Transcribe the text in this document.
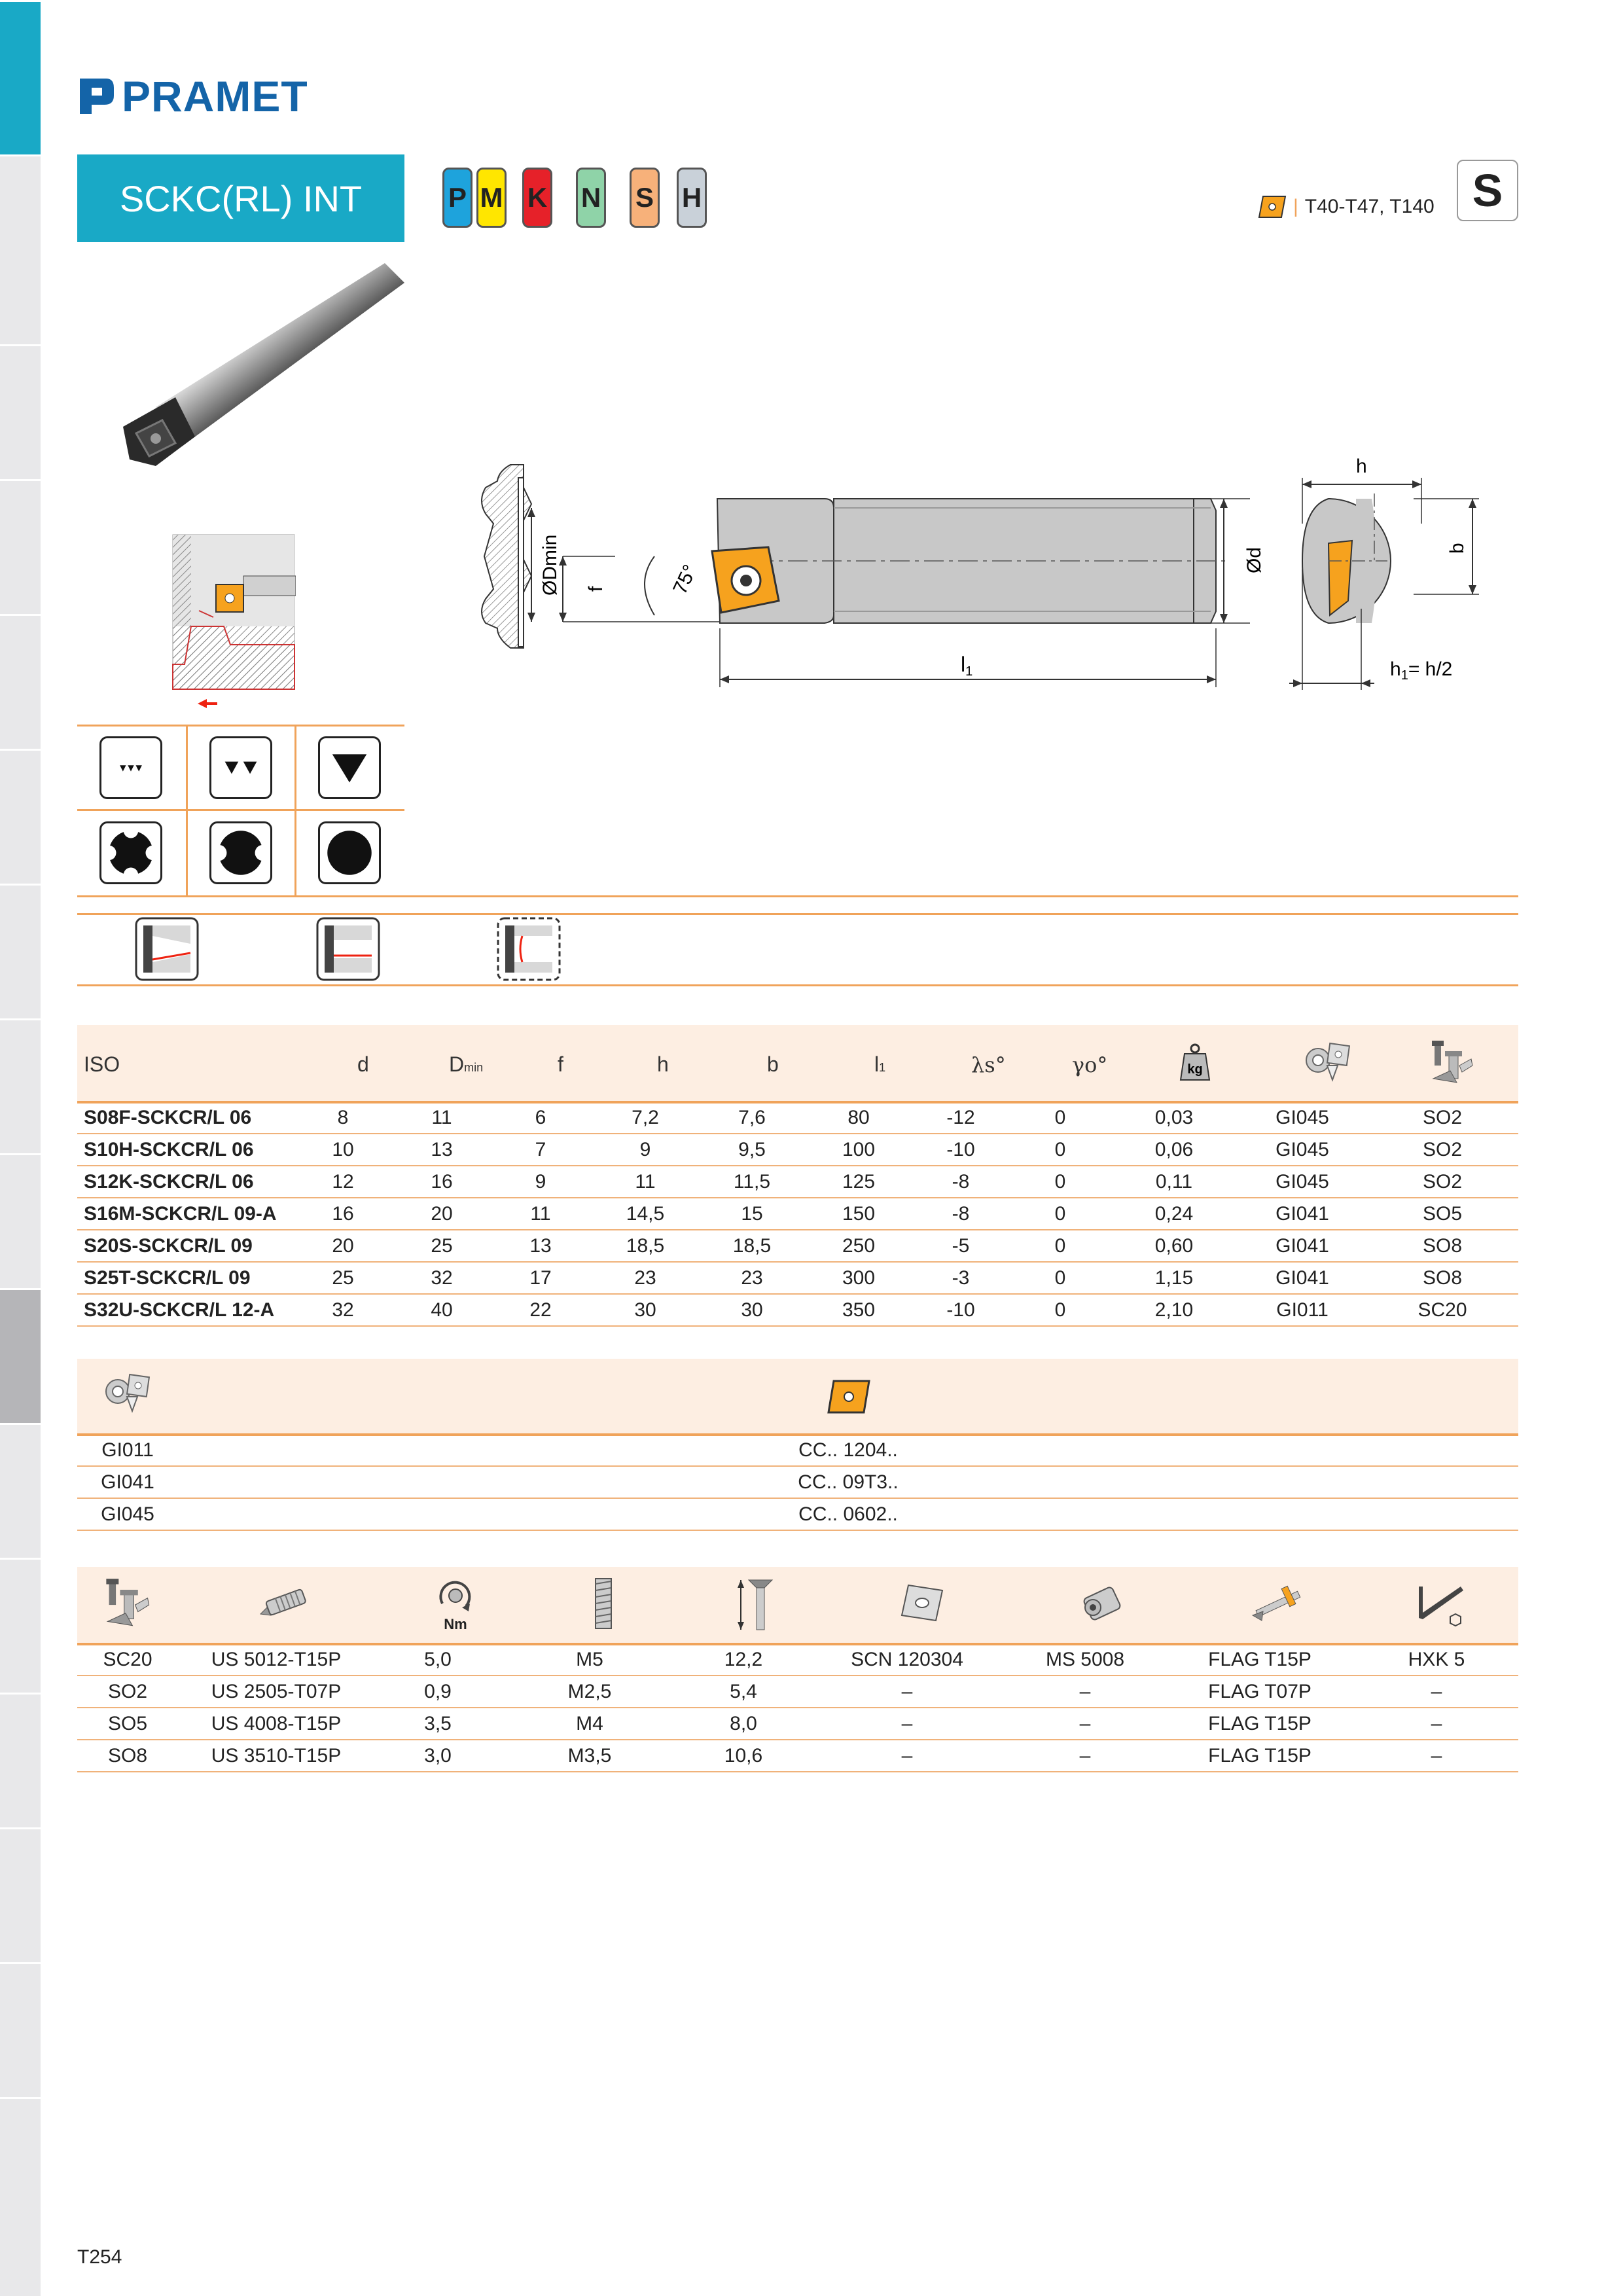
PRAMET
SCKC(RL) INT	P M K N S H	| T40-T47, T140 S
ØDmin f	75°
Ød
l1
h
b
$h_1= h/2$
ISO	d	Dmin	f	h	b	l1	λs°	γo°	kg
S08F-SCKCR/L 06	8	11	6	7,2	7,6	80	-12	0	0,03	GI045	SO2
S10H-SCKCR/L 06	10	13	7	9	9,5	100	-10	0	0,06	GI045	SO2
S12K-SCKCR/L 06	12	16	9	11	11,5	125	-8	0	0,11	GI045	SO2
S16M-SCKCR/L 09-A	16	20	11	14,5	15	150	-8	0	0,24	GI041	SO5
S20S-SCKCR/L 09	20	25	13	18,5	18,5	250	-5	0	0,60	GI041	SO8
S25T-SCKCR/L 09	25	32	17	23	23	300	-3	0	1,15	GI041	SO8
S32U-SCKCR/L 12-A	32	40	22	30	30	350	-10	0	2,10	GI011	SC20
GI011	CC.. 1204..
GI041	CC.. 09T3..
GI045	CC.. 0602..
Nm
SC20	US 5012-T15P	5,0	M5	12,2	SCN 120304	MS 5008	FLAG T15P	HXK 5
SO2	US 2505-T07P	0,9	M2,5	5,4	–	–	FLAG T07P	–
SO5	US 4008-T15P	3,5	M4	8,0	–	–	FLAG T15P	–
SO8	US 3510-T15P	3,0	M3,5	10,6	–	–	FLAG T15P	–
T254
